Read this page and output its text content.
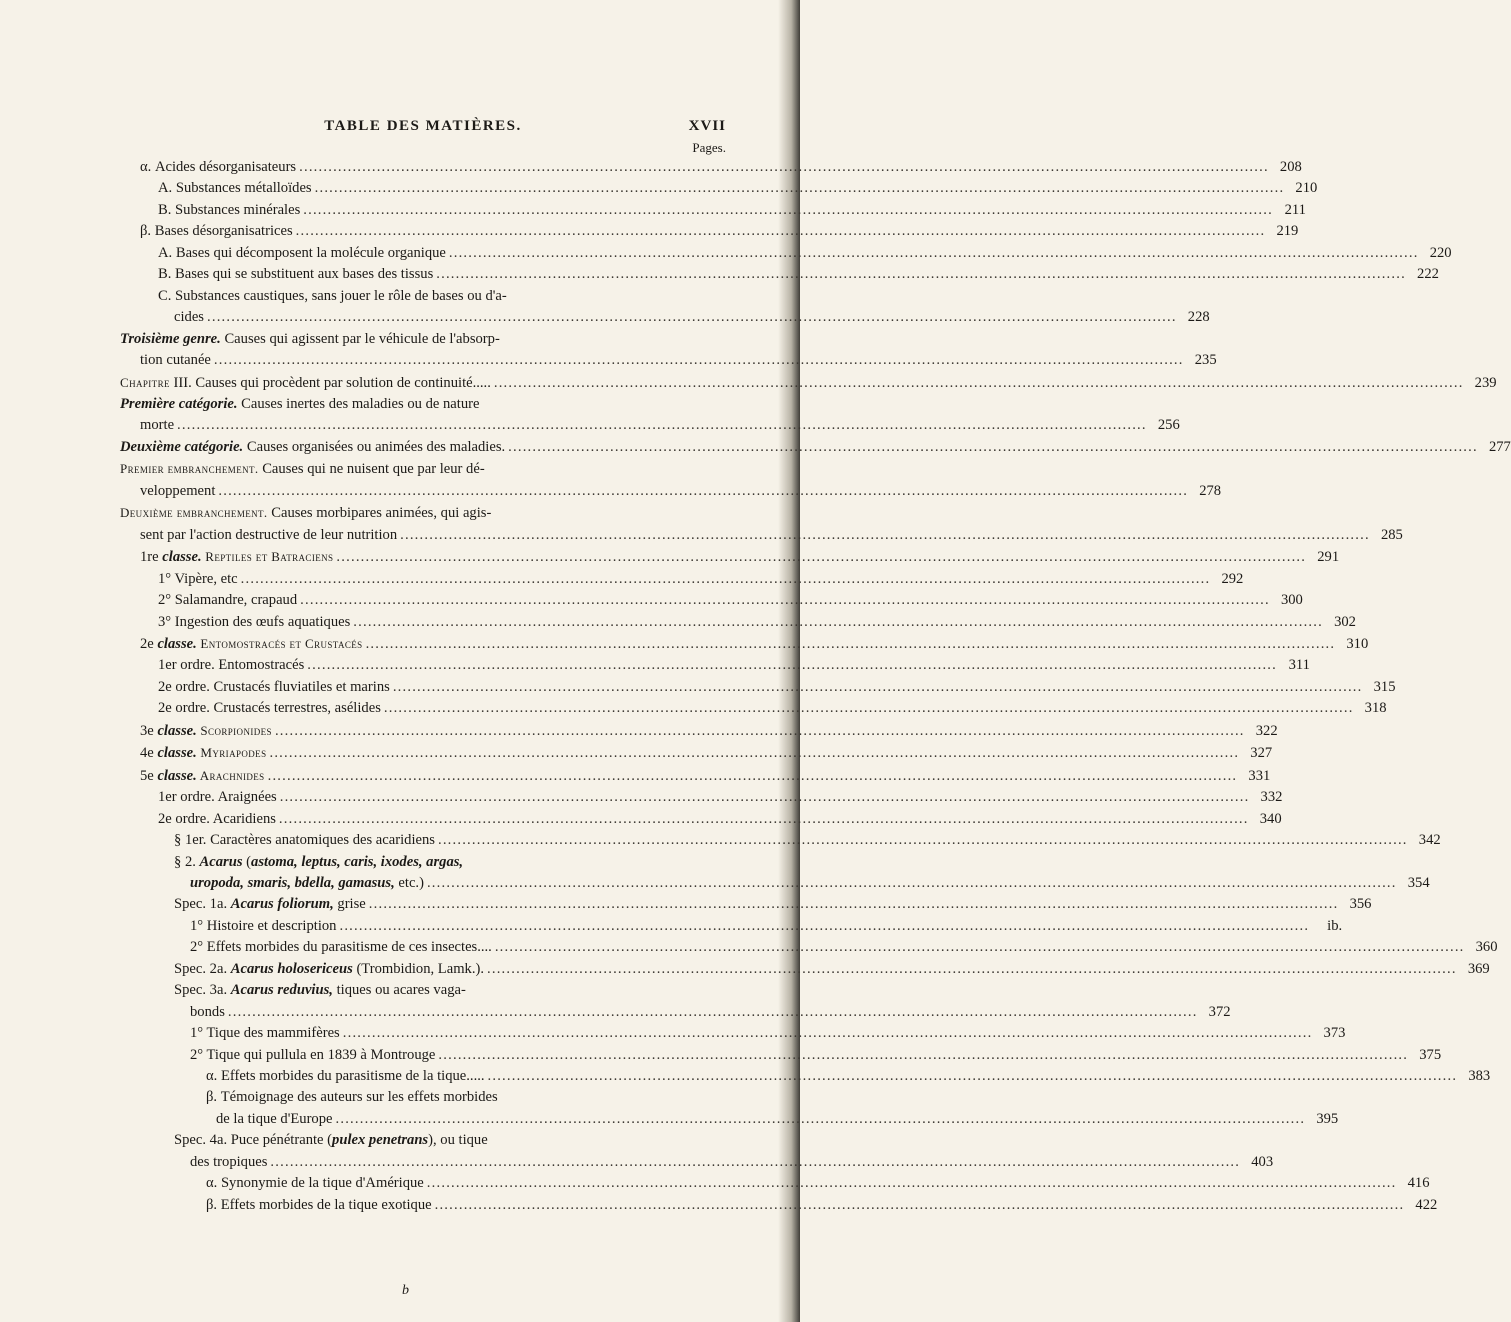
TABLE DES MATIÈRES.	XVII
Pages.
α. Acides désorganisateurs .....	208
A. Substances métalloïdes .....	210
B. Substances minérales .....	211
β. Bases désorganisatrices .....	219
A. Bases qui décomposent la molécule organique .....	220
B. Bases qui se substituent aux bases des tissus .....	222
C. Substances caustiques, sans jouer le rôle de bases ou d'a-
cides .....	228
Troisième genre. Causes qui agissent par le véhicule de l'absorp-
tion cutanée .....	235
Chapitre III. Causes qui procèdent par solution de continuité..... .....	239
Première catégorie. Causes inertes des maladies ou de nature
morte .....	256
Deuxième catégorie. Causes organisées ou animées des maladies. .....	277
Premier embranchement. Causes qui ne nuisent que par leur dé-
veloppement .....	278
Deuxième embranchement. Causes morbipares animées, qui agis-
sent par l'action destructive de leur nutrition .....	285
1re classe. Reptiles et Batraciens .....	291
1° Vipère, etc .....	292
2° Salamandre, crapaud .....	300
3° Ingestion des œufs aquatiques .....	302
2e classe. Entomostracés et Crustacés .....	310
1er ordre. Entomostracés .....	311
2e ordre. Crustacés fluviatiles et marins .....	315
2e ordre. Crustacés terrestres, asélides .....	318
3e classe. Scorpionides .....	322
4e classe. Myriapodes .....	327
5e classe. Arachnides .....	331
1er ordre. Araignées .....	332
2e ordre. Acaridiens .....	340
§ 1er. Caractères anatomiques des acaridiens .....	342
§ 2. Acarus (astoma, leptus, caris, ixodes, argas,
uropoda, smaris, bdella, gamasus, etc.) .....	354
Spec. 1a. Acarus foliorum, grise .....	356
1° Histoire et description .....	ib.
2° Effets morbides du parasitisme de ces insectes.... .....	360
Spec. 2a. Acarus holosericeus (Trombidion, Lamk.). .....	369
Spec. 3a. Acarus reduvius, tiques ou acares vaga-
bonds .....	372
1° Tique des mammifères .....	373
2° Tique qui pullula en 1839 à Montrouge .....	375
α. Effets morbides du parasitisme de la tique..... .....	383
β. Témoignage des auteurs sur les effets morbides
de la tique d'Europe .....	395
Spec. 4a. Puce pénétrante (pulex penetrans), ou tique
des tropiques .....	403
α. Synonymie de la tique d'Amérique .....	416
β. Effets morbides de la tique exotique .....	422
b
